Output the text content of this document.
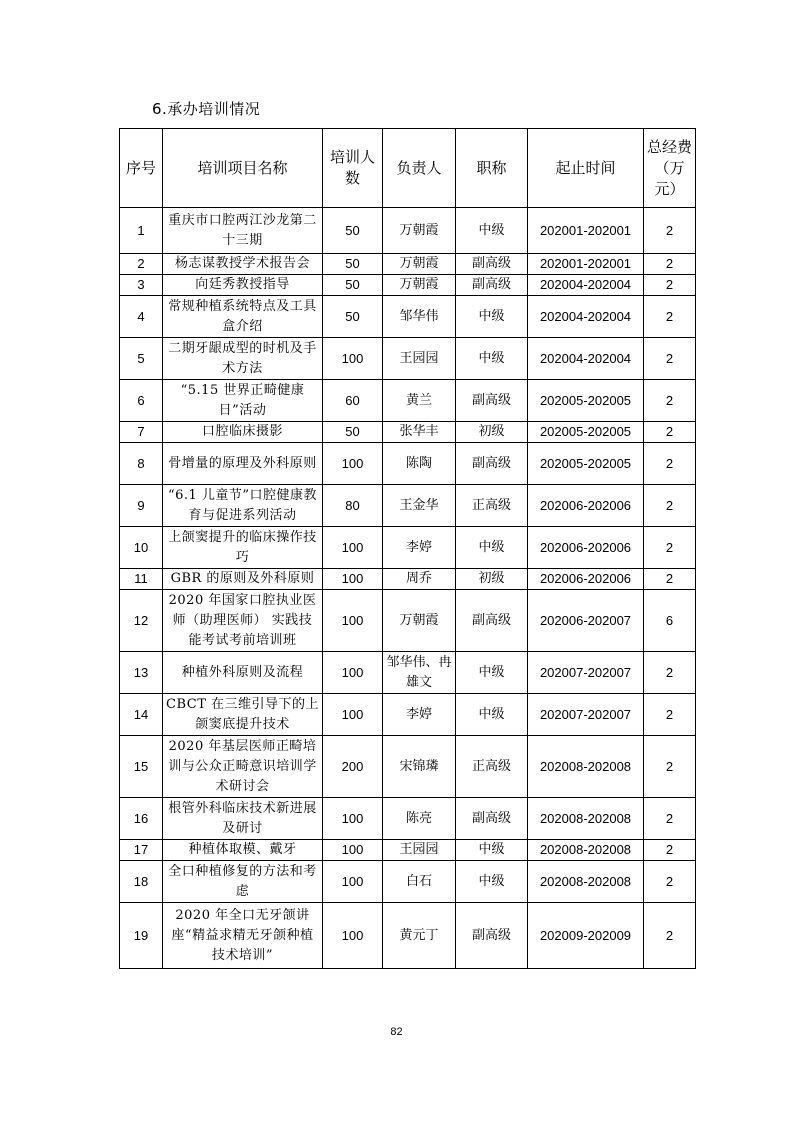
6.承办培训情况
序号	培训项目名称	培训人数	负责人	职称	起止时间	总经费（万元）
1	重庆市口腔两江沙龙第二十三期	50	万朝霞	中级	202001-202001	2
2	杨志谋教授学术报告会	50	万朝霞	副高级	202001-202001	2
3	向廷秀教授指导	50	万朝霞	副高级	202004-202004	2
4	常规种植系统特点及工具盒介绍	50	邹华伟	中级	202004-202004	2
5	二期牙龈成型的时机及手术方法	100	王园园	中级	202004-202004	2
6	“5.15 世界正畸健康日”活动	60	黄兰	副高级	202005-202005	2
7	口腔临床摄影	50	张华丰	初级	202005-202005	2
8	骨增量的原理及外科原则	100	陈陶	副高级	202005-202005	2
9	“6.1 儿童节”口腔健康教育与促进系列活动	80	王金华	正高级	202006-202006	2
10	上颌窦提升的临床操作技巧	100	李婷	中级	202006-202006	2
11	GBR 的原则及外科原则	100	周乔	初级	202006-202006	2
12	2020 年国家口腔执业医师（助理医师） 实践技能考试考前培训班	100	万朝霞	副高级	202006-202007	6
13	种植外科原则及流程	100	邹华伟、冉雄文	中级	202007-202007	2
14	CBCT 在三维引导下的上颌窦底提升技术	100	李婷	中级	202007-202007	2
15	2020 年基层医师正畸培训与公众正畸意识培训学术研讨会	200	宋锦璘	正高级	202008-202008	2
16	根管外科临床技术新进展及研讨	100	陈亮	副高级	202008-202008	2
17	种植体取模、戴牙	100	王园园	中级	202008-202008	2
18	全口种植修复的方法和考虑	100	白石	中级	202008-202008	2
19	2020 年全口无牙颌讲座“精益求精无牙颌种植技术培训”	100	黄元丁	副高级	202009-202009	2
82
